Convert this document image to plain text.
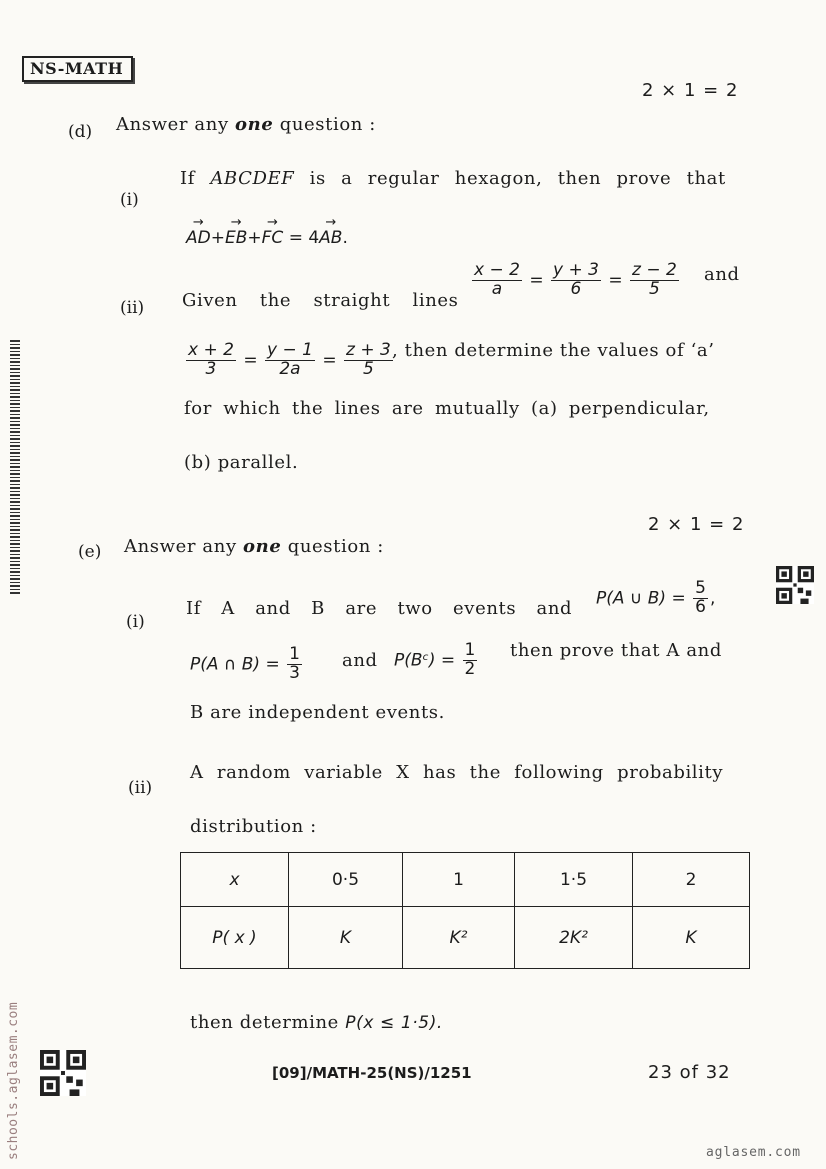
NS-MATH
schools.aglasem.com
2 × 1 = 2
(d) Answer any one question :
(i)
If ABCDEF is a regular hexagon, then prove that
→ AD+→ EB+→ FC = 4→ AB.
(ii) Given the straight lines
$\frac{x - 2}{a} = \frac{y + 3}{6} = \frac{z - 2}{5}$ and
$\frac{x + 2}{3} = \frac{y - 1}{2a} = \frac{z + 3}{5}$ , then determine the values of ‘a’
for which the lines are mutually (a) perpendicular,
(b) parallel.
2 × 1 = 2
(e) Answer any one question :
(i)
If A and B are two events and P(A ∪ $B) = \frac{5}{6}$ ,
P(A ∩ $B) = \frac{1}{3}$ and P(Bᶜ) = $\frac{1}{2}$ then prove that A and
B are independent events.
(ii)
A random variable X has the following probability
distribution :
x	0·5	1	1·5	2
P( x )	K	K²	2K²	K
then determine P(x ≤ 1·5).
[09]/MATH-25(NS)/1251	23 of 32
aglasem.com
